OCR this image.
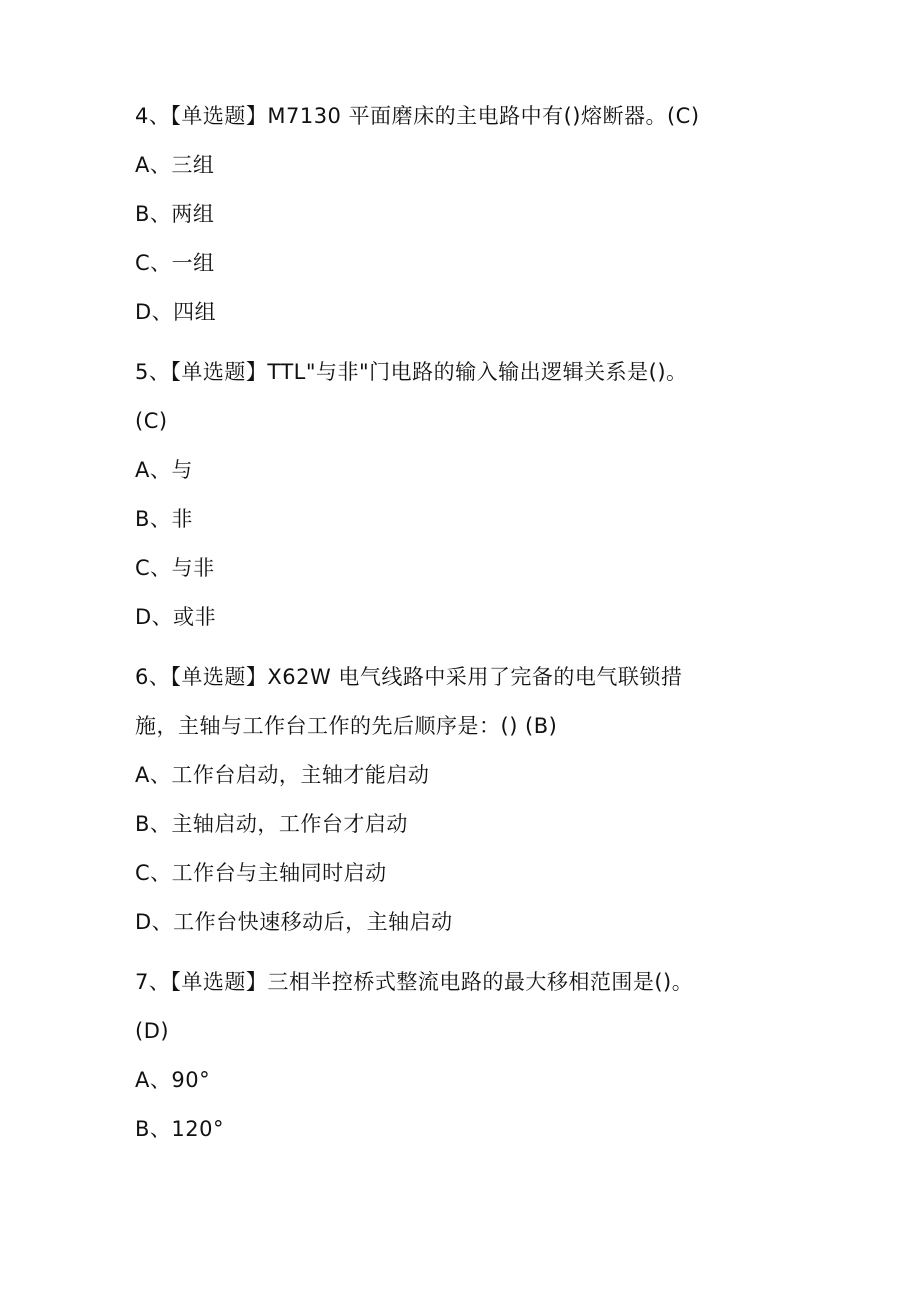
4、【单选题】M7130 平面磨床的主电路中有()熔断器。(C)
A、三组
B、两组
C、一组
D、四组
5、【单选题】TTL"与非"门电路的输入输出逻辑关系是()。
(C)
A、与
B、非
C、与非
D、或非
6、【单选题】X62W 电气线路中采用了完备的电气联锁措
施，主轴与工作台工作的先后顺序是：() (B)
A、工作台启动，主轴才能启动
B、主轴启动，工作台才启动
C、工作台与主轴同时启动
D、工作台快速移动后，主轴启动
7、【单选题】三相半控桥式整流电路的最大移相范围是()。
(D)
A、90°
B、120°
